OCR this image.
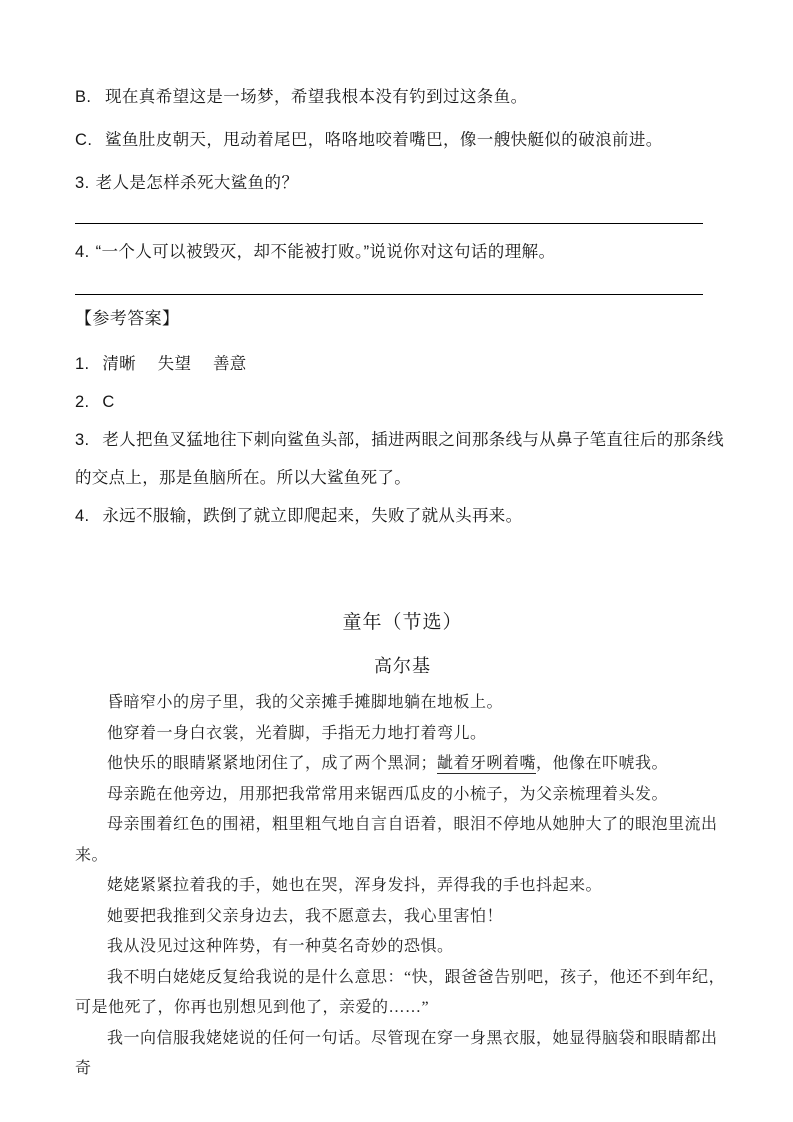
B. 现在真希望这是一场梦，希望我根本没有钓到过这条鱼。
C. 鲨鱼肚皮朝天，甩动着尾巴，咯咯地咬着嘴巴，像一艘快艇似的破浪前进。
3. 老人是怎样杀死大鲨鱼的？
4. “一个人可以被毁灭，却不能被打败。”说说你对这句话的理解。
【参考答案】
1. 清晰　 失望　 善意
2. C
3. 老人把鱼叉猛地往下刺向鲨鱼头部，插进两眼之间那条线与从鼻子笔直往后的那条线的交点上，那是鱼脑所在。所以大鲨鱼死了。
4. 永远不服输，跌倒了就立即爬起来，失败了就从头再来。
童年（节选）
高尔基

昏暗窄小的房子里，我的父亲摊手摊脚地躺在地板上。

他穿着一身白衣裳，光着脚，手指无力地打着弯儿。

他快乐的眼睛紧紧地闭住了，成了两个黑洞；龇着牙咧着嘴，他像在吓唬我。

母亲跪在他旁边，用那把我常常用来锯西瓜皮的小梳子，为父亲梳理着头发。

母亲围着红色的围裙，粗里粗气地自言自语着，眼泪不停地从她肿大了的眼泡里流出来。

姥姥紧紧拉着我的手，她也在哭，浑身发抖，弄得我的手也抖起来。

她要把我推到父亲身边去，我不愿意去，我心里害怕！

我从没见过这种阵势，有一种莫名奇妙的恐惧。

我不明白姥姥反复给我说的是什么意思：“快，跟爸爸告别吧，孩子，他还不到年纪，可是他死了，你再也别想见到他了，亲爱的……”

我一向信服我姥姥说的任何一句话。尽管现在穿一身黑衣服，她显得脑袋和眼睛都出奇
